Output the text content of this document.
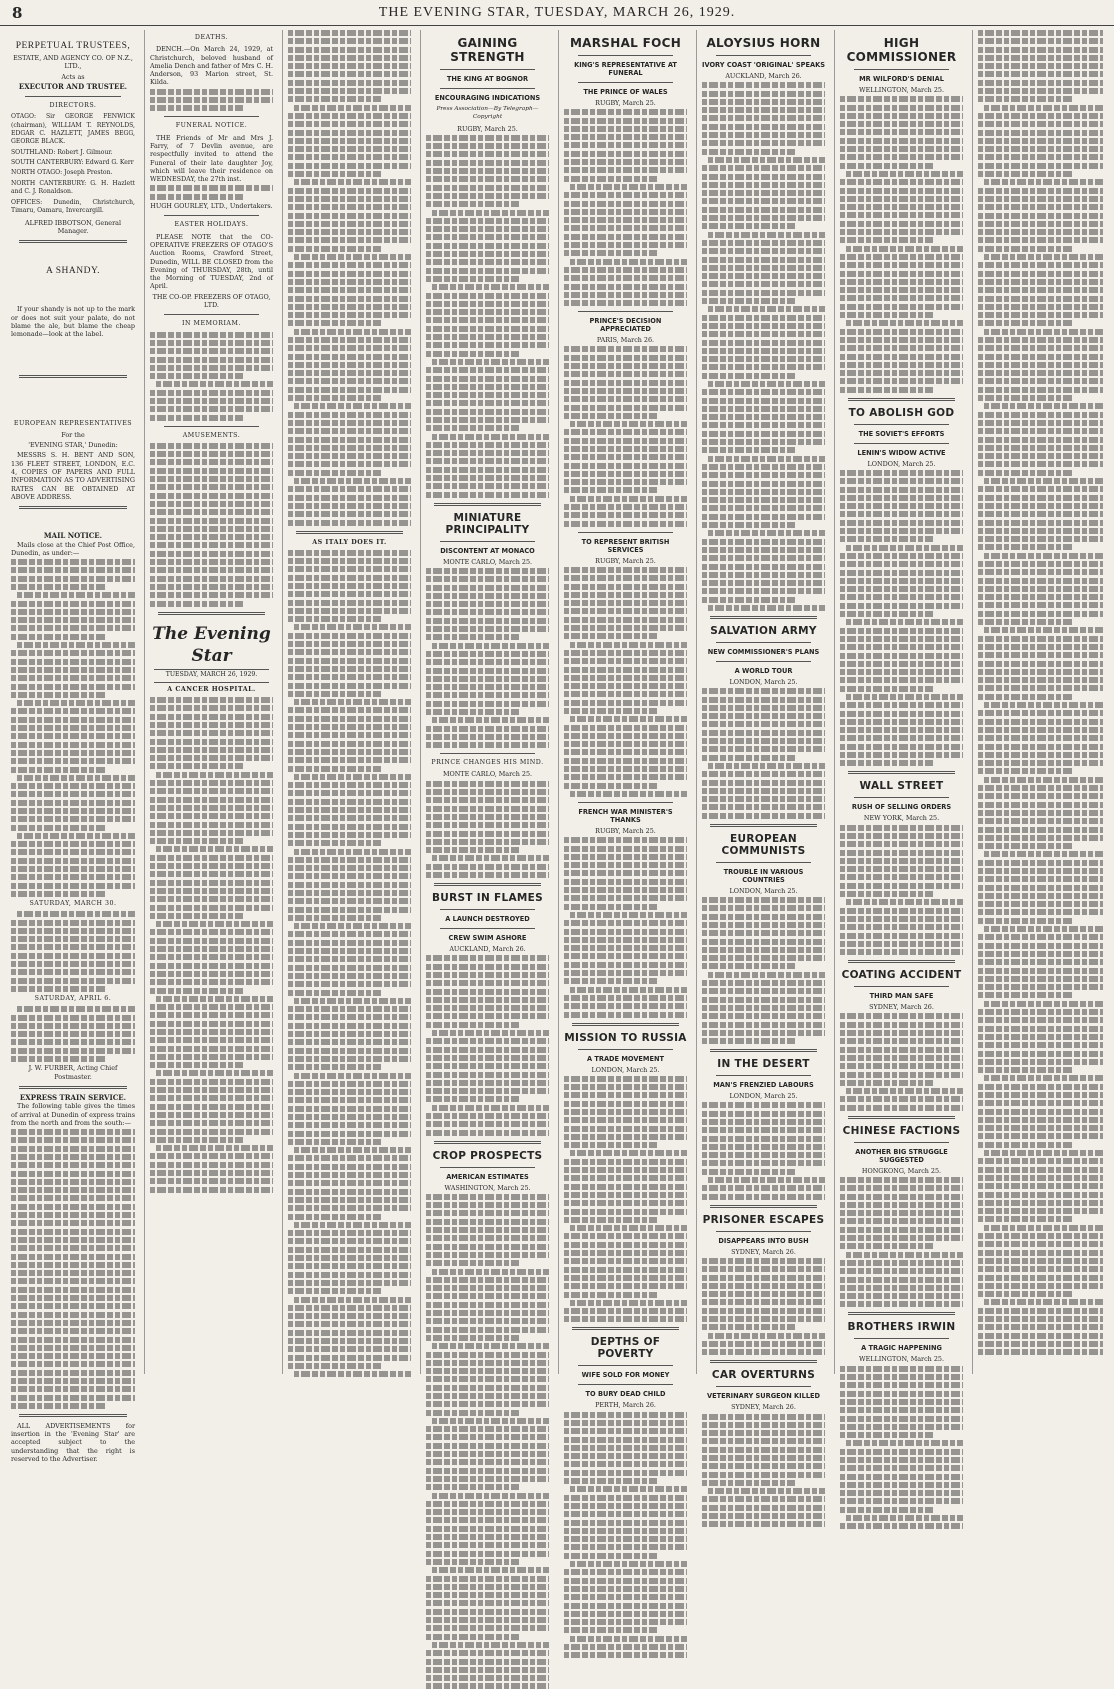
8	THE EVENING STAR, TUESDAY, MARCH 26, 1929.
PERPETUAL TRUSTEES,

ESTATE, AND AGENCY CO. OF N.Z., LTD.,

Acts as

EXECUTOR AND TRUSTEE.

DIRECTORS.

OTAGO: Sir GEORGE FENWICK (chairman), WILLIAM T. REYNOLDS, EDGAR C. HAZLETT, JAMES BEGG, GEORGE BLACK.

SOUTHLAND: Robert J. Gilmour.

SOUTH CANTERBURY: Edward G. Kerr

NORTH OTAGO: Joseph Preston.

NORTH CANTERBURY: G. H. Hazlett and C. J. Ronaldson.

OFFICES: Dunedin, Christchurch, Timaru, Oamaru, Invercargill.

ALFRED IBBOTSON, General Manager.

A SHANDY.

If your shandy is not up to the mark or does not suit your palate, do not blame the ale, but blame the cheap lemonade—look at the label.

EUROPEAN REPRESENTATIVES

For the

'EVENING STAR,' Dunedin:

MESSRS S. H. BENT AND SON, 136 FLEET STREET, LONDON, E.C. 4, COPIES OF PAPERS AND FULL INFORMATION AS TO ADVERTISING RATES CAN BE OBTAINED AT ABOVE ADDRESS.

MAIL NOTICE.

Mails close at the Chief Post Office, Dunedin, as under:—

SATURDAY, MARCH 30.

SATURDAY, APRIL 6.

J. W. FURBER, Acting Chief Postmaster.

EXPRESS TRAIN SERVICE.

The following table gives the times of arrival at Dunedin of express trains from the north and from the south:—

ALL ADVERTISEMENTS for insertion in the 'Evening Star' are accepted subject to the understanding that the right is reserved to the Advertiser.

DEATHS.

DENCH.—On March 24, 1929, at Christchurch, beloved husband of Amelia Dench and father of Mrs C. H. Anderson, 93 Marion street, St. Kilda.

FUNERAL NOTICE.

THE Friends of Mr and Mrs J. Farry, of 7 Devlin avenue, are respectfully invited to attend the Funeral of their late daughter Joy, which will leave their residence on WEDNESDAY, the 27th inst.

HUGH GOURLEY, LTD., Undertakers.

EASTER HOLIDAYS.

PLEASE NOTE that the CO-OPERATIVE FREEZERS OF OTAGO'S Auction Rooms, Crawford Street, Dunedin, WILL BE CLOSED from the Evening of THURSDAY, 28th, until the Morning of TUESDAY, 2nd of April.

THE CO-OP. FREEZERS OF OTAGO, LTD.

IN MEMORIAM.

AMUSEMENTS.

The Evening Star

TUESDAY, MARCH 26, 1929.

A CANCER HOSPITAL.

AS ITALY DOES IT.

GAINING STRENGTH
THE KING AT BOGNOR
ENCOURAGING INDICATIONS

Press Association—By Telegraph—Copyright

RUGBY, March 25.

MINIATURE PRINCIPALITY
DISCONTENT AT MONACO

MONTE CARLO, March 25.

PRINCE CHANGES HIS MIND.

MONTE CARLO, March 25.

BURST IN FLAMES
A LAUNCH DESTROYED
CREW SWIM ASHORE

AUCKLAND, March 26.

CROP PROSPECTS
AMERICAN ESTIMATES

WASHINGTON, March 25.

MARSHAL FOCH
KING'S REPRESENTATIVE AT FUNERAL
THE PRINCE OF WALES

RUGBY, March 25.

PRINCE'S DECISION APPRECIATED

PARIS, March 26.

TO REPRESENT BRITISH SERVICES

RUGBY, March 25.

FRENCH WAR MINISTER'S THANKS

RUGBY, March 25.

MISSION TO RUSSIA
A TRADE MOVEMENT

LONDON, March 25.

DEPTHS OF POVERTY
WIFE SOLD FOR MONEY
TO BURY DEAD CHILD

PERTH, March 26.

ALOYSIUS HORN
IVORY COAST 'ORIGINAL' SPEAKS

AUCKLAND, March 26.

SALVATION ARMY
NEW COMMISSIONER'S PLANS
A WORLD TOUR

LONDON, March 25.

EUROPEAN COMMUNISTS
TROUBLE IN VARIOUS COUNTRIES

LONDON, March 25.

IN THE DESERT
MAN'S FRENZIED LABOURS

LONDON, March 25.

PRISONER ESCAPES
DISAPPEARS INTO BUSH

SYDNEY, March 26.

CAR OVERTURNS
VETERINARY SURGEON KILLED

SYDNEY, March 26.

HIGH COMMISSIONER
MR WILFORD'S DENIAL

WELLINGTON, March 25.

TO ABOLISH GOD
THE SOVIET'S EFFORTS
LENIN'S WIDOW ACTIVE

LONDON, March 25.

WALL STREET
RUSH OF SELLING ORDERS

NEW YORK, March 25.

COATING ACCIDENT
THIRD MAN SAFE

SYDNEY, March 26.

CHINESE FACTIONS
ANOTHER BIG STRUGGLE SUGGESTED

HONGKONG, March 25.

BROTHERS IRWIN
A TRAGIC HAPPENING

WELLINGTON, March 25.
